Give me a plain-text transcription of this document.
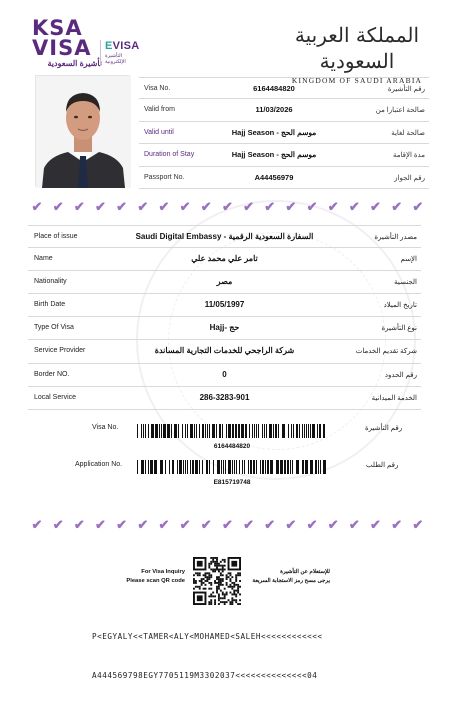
KSA
VISA
تأشيرة السعودية
EVISA
التأشيرة الإلكترونية
المملكة العربية السعودية
KINGDOM OF SAUDI ARABIA
Visa No.	6164484820	رقم التأشيرة
Valid from	11/03/2026	صالحة اعتبارا من
Valid until	Hajj Season - موسم الحج	صالحة لغاية
Duration of Stay	Hajj Season - موسم الحج	مدة الإقامة
Passport No.	A44456979	رقم الجواز
✔ ✔ ✔ ✔ ✔ ✔ ✔ ✔ ✔ ✔ ✔ ✔ ✔ ✔ ✔ ✔ ✔ ✔ ✔
Place of issue	Saudi Digital Embassy - السفارة السعودية الرقمية	مصدر التأشيرة
Name	تامر علي محمد علي	الإسم
Nationality	مصر	الجنسية
Birth Date	11/05/1997	تاريخ الميلاد
Type Of Visa	Hajj- حج	نوع التأشيرة
Service Provider	شركة الراجحي للخدمات التجارية المساندة	شركة تقديم الخدمات
Border NO.	0	رقم الحدود
Local Service	286-3283-901	الخدمة الميدانية
Visa No.	رقم التأشيرة
6164484820
Application No.	رقم الطلب
E815719748
✔ ✔ ✔ ✔ ✔ ✔ ✔ ✔ ✔ ✔ ✔ ✔ ✔ ✔ ✔ ✔ ✔ ✔ ✔
For Visa Inquiry
Please scan QR code
للإستعلام عن التأشيرة
يرجى مسح رمز الاستجابة السريعة

P<EGYALY<<TAMER<ALY<MOHAMED<SALEH<<<<<<<<<<<<

A444569798EGY7705119M3302037<<<<<<<<<<<<<<04
